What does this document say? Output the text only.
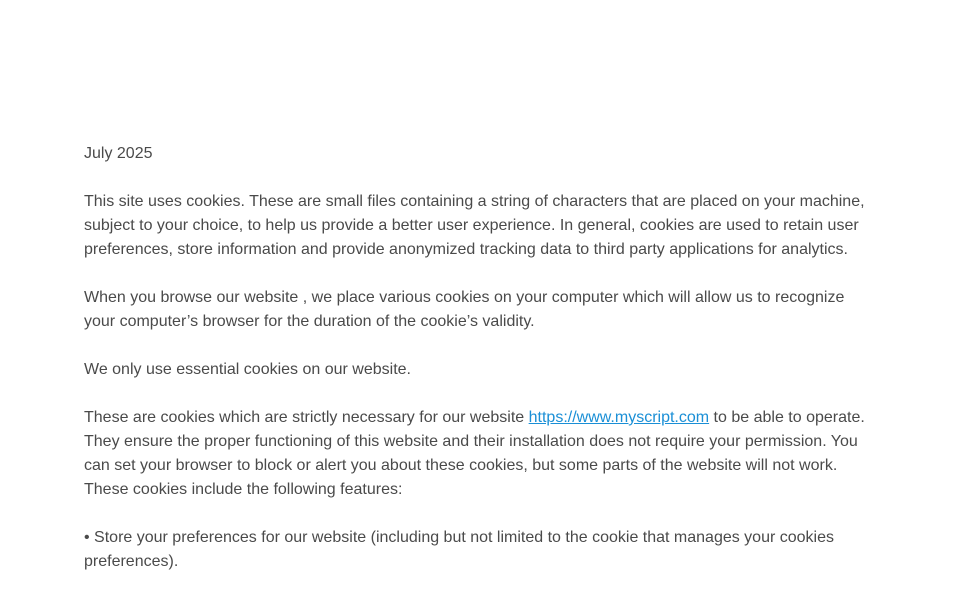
July 2025

This site uses cookies. These are small files containing a string of characters that are placed on your machine, subject to your choice, to help us provide a better user experience. In general, cookies are used to retain user preferences, store information and provide anonymized tracking data to third party applications for analytics.

When you browse our website , we place various cookies on your computer which will allow us to recognize your computer’s browser for the duration of the cookie’s validity.

We only use essential cookies on our website.

These are cookies which are strictly necessary for our website https://www.myscript.com to be able to operate. They ensure the proper functioning of this website and their installation does not require your permission. You can set your browser to block or alert you about these cookies, but some parts of the website will not work. These cookies include the following features:

• Store your preferences for our website (including but not limited to the cookie that manages your cookies preferences).
